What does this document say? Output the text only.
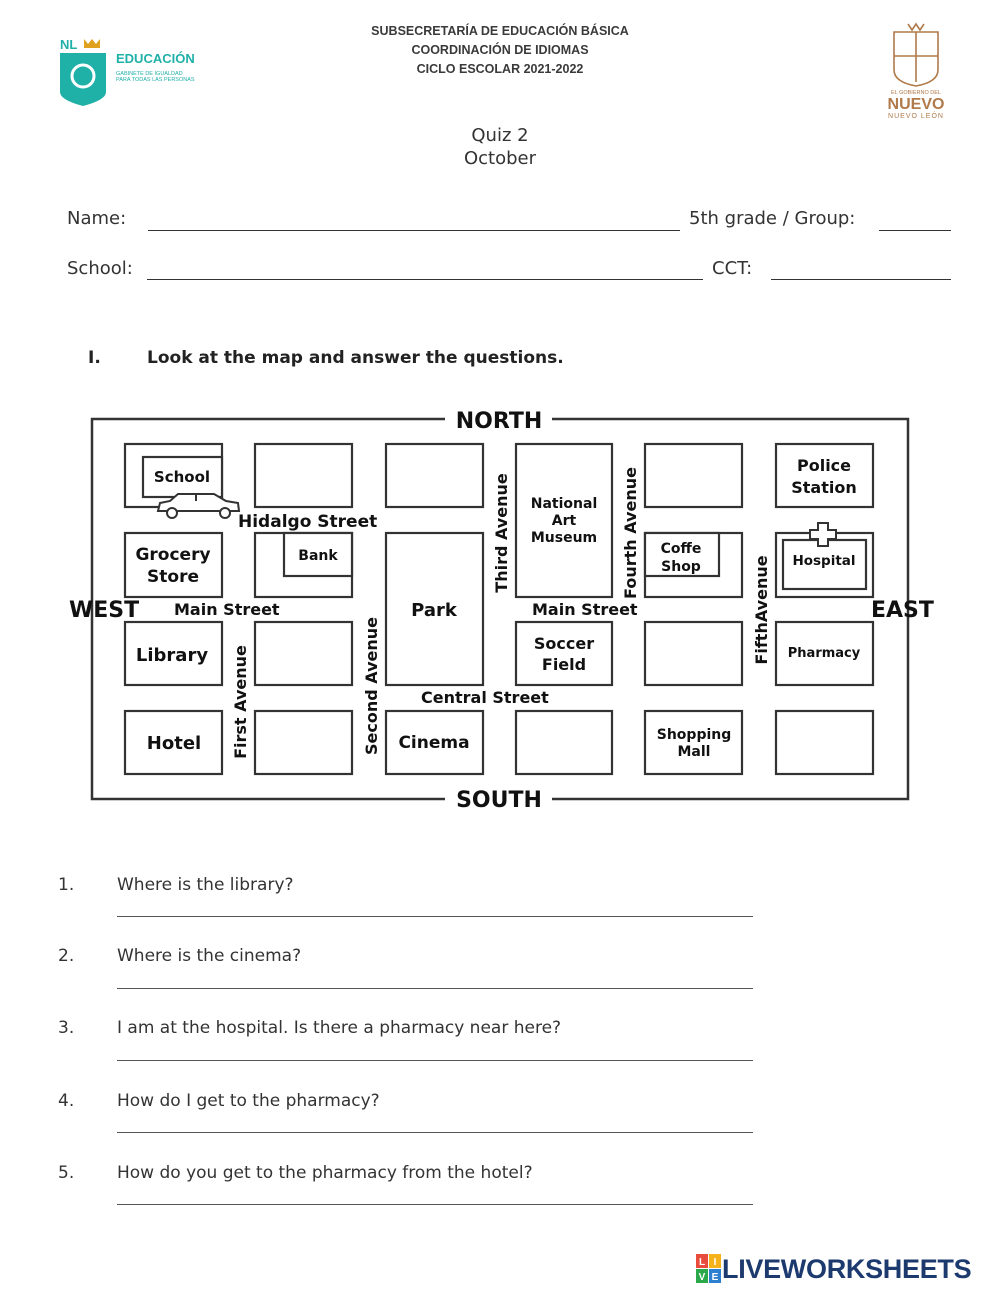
NL
EDUCACIÓN
GABINETE DE IGUALDAD
PARA TODAS LAS PERSONAS
SUBSECRETARÍA DE EDUCACIÓN BÁSICA
COORDINACIÓN DE IDIOMAS
CICLO ESCOLAR 2021-2022
EL GOBIERNO DEL
NUEVO
NUEVO LEÓN
Quiz 2
October
Name:	5th grade / Group:
School:	CCT:
I.	Look at the map and answer the questions.
NORTH
SOUTH
WEST	EAST
Hidalgo Street
Main Street	Main Street
Central Street
First Avenue	Second Avenue
Third Avenue	Fourth Avenue
FifthAvenue
School
Police
Station
Bank
Grocery
Store
National
Art
Museum
Coffe
Shop	Hospital
Park
Library
Soccer
Field
Pharmacy
Hotel	Cinema	Shopping
Mall
1.	Where is the library?
2.	Where is the cinema?
3.	I am at the hospital. Is there a pharmacy near here?
4.	How do I get to the pharmacy?
5.	How do you get to the pharmacy from the hotel?
L I
V E LIVEWORKSHEETS
